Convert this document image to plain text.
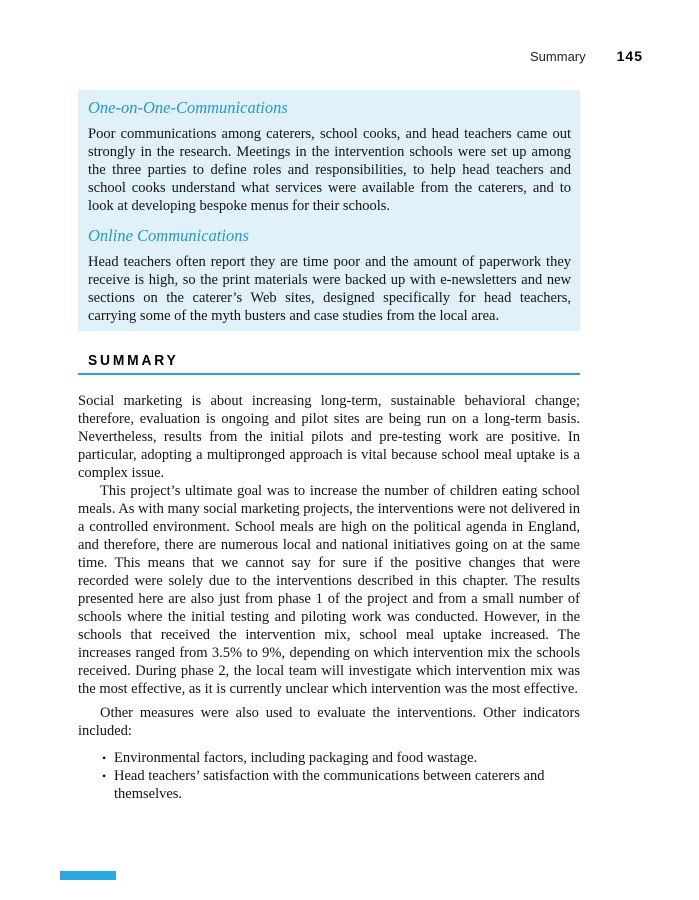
Summary 145
One-on-One-Communications

Poor communications among caterers, school cooks, and head teachers came out strongly in the research. Meetings in the intervention schools were set up among the three parties to define roles and responsibilities, to help head teachers and school cooks understand what services were available from the caterers, and to look at developing bespoke menus for their schools.

Online Communications

Head teachers often report they are time poor and the amount of paperwork they receive is high, so the print materials were backed up with e-newsletters and new sections on the caterer’s Web sites, designed specifically for head teachers, carrying some of the myth busters and case studies from the local area.

SUMMARY

Social marketing is about increasing long-term, sustainable behavioral change; therefore, evaluation is ongoing and pilot sites are being run on a long-term basis. Nevertheless, results from the initial pilots and pre-testing work are positive. In particular, adopting a multipronged approach is vital because school meal uptake is a complex issue.

This project’s ultimate goal was to increase the number of children eating school meals. As with many social marketing projects, the interventions were not delivered in a controlled environment. School meals are high on the political agenda in England, and therefore, there are numerous local and national initiatives going on at the same time. This means that we cannot say for sure if the positive changes that were recorded were solely due to the interventions described in this chapter. The results presented here are also just from phase 1 of the project and from a small number of schools where the initial testing and piloting work was conducted. However, in the schools that received the intervention mix, school meal uptake increased. The increases ranged from 3.5% to 9%, depending on which intervention mix the schools received. During phase 2, the local team will investigate which intervention mix was the most effective, as it is currently unclear which intervention was the most effective.

Other measures were also used to evaluate the interventions. Other indicators included:

• Environmental factors, including packaging and food wastage.
• Head teachers’ satisfaction with the communications between caterers and themselves.
